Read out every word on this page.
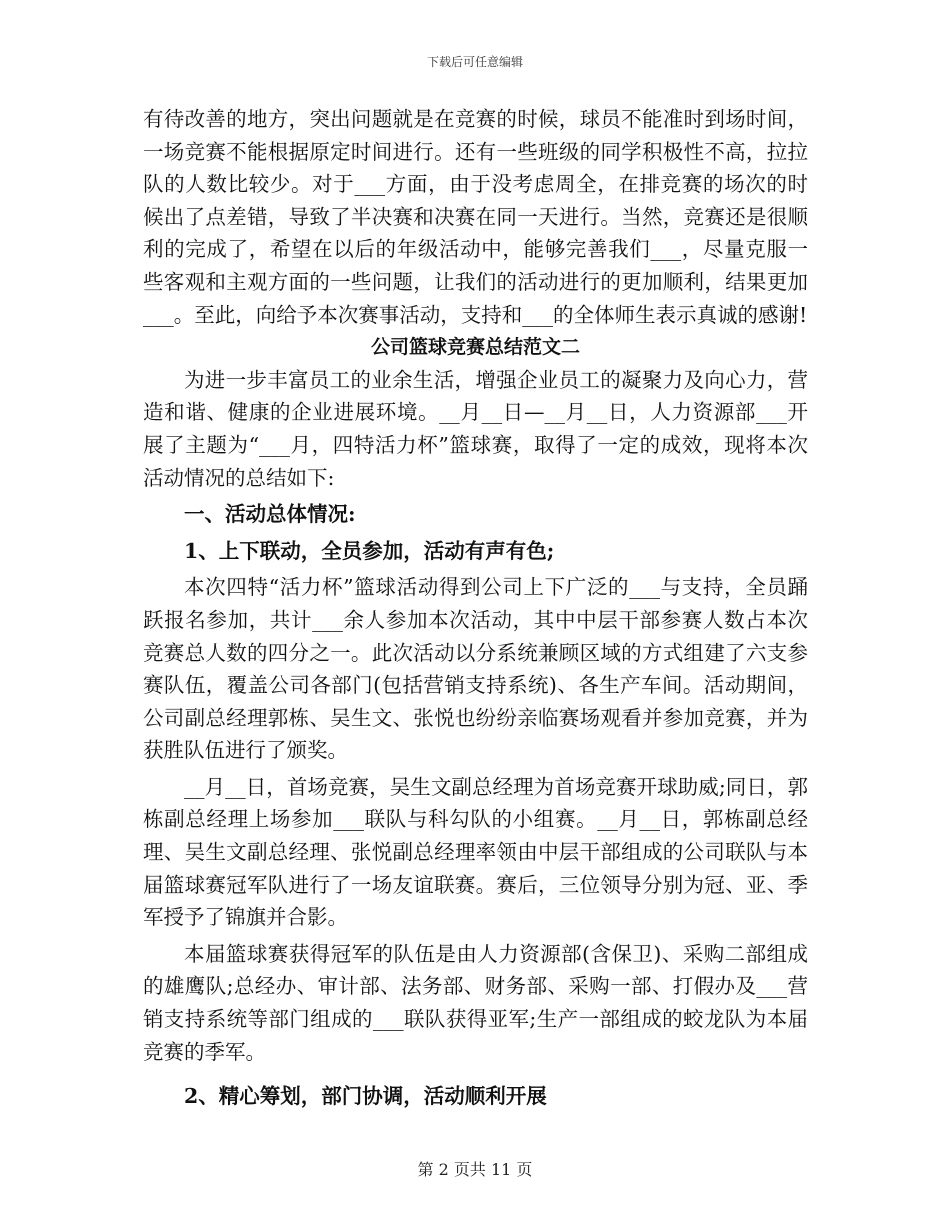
下载后可任意编辑

有待改善的地方，突出问题就是在竞赛的时候，球员不能准时到场时间，一场竞赛不能根据原定时间进行。还有一些班级的同学积极性不高，拉拉队的人数比较少。对于___方面，由于没考虑周全，在排竞赛的场次的时候出了点差错，导致了半决赛和决赛在同一天进行。当然，竞赛还是很顺利的完成了，希望在以后的年级活动中，能够完善我们___，尽量克服一些客观和主观方面的一些问题，让我们的活动进行的更加顺利，结果更加___。至此，向给予本次赛事活动，支持和___的全体师生表示真诚的感谢!

公司篮球竞赛总结范文二

为进一步丰富员工的业余生活，增强企业员工的凝聚力及向心力，营造和谐、健康的企业进展环境。__月__日—__月__日，人力资源部___开展了主题为“___月，四特活力杯”篮球赛，取得了一定的成效，现将本次活动情况的总结如下:

一、活动总体情况:

1、上下联动，全员参加，活动有声有色;

本次四特“活力杯”篮球活动得到公司上下广泛的___与支持，全员踊跃报名参加，共计___余人参加本次活动，其中中层干部参赛人数占本次竞赛总人数的四分之一。此次活动以分系统兼顾区域的方式组建了六支参赛队伍，覆盖公司各部门(包括营销支持系统)、各生产车间。活动期间，公司副总经理郭栋、吴生文、张悦也纷纷亲临赛场观看并参加竞赛，并为获胜队伍进行了颁奖。

__月__日，首场竞赛，吴生文副总经理为首场竞赛开球助威;同日，郭栋副总经理上场参加___联队与科勾队的小组赛。__月__日，郭栋副总经理、吴生文副总经理、张悦副总经理率领由中层干部组成的公司联队与本届篮球赛冠军队进行了一场友谊联赛。赛后，三位领导分别为冠、亚、季军授予了锦旗并合影。

本届篮球赛获得冠军的队伍是由人力资源部(含保卫)、采购二部组成的雄鹰队;总经办、审计部、法务部、财务部、采购一部、打假办及___营销支持系统等部门组成的___联队获得亚军;生产一部组成的蛟龙队为本届竞赛的季军。

2、精心筹划，部门协调，活动顺利开展

第 2 页共 11 页
